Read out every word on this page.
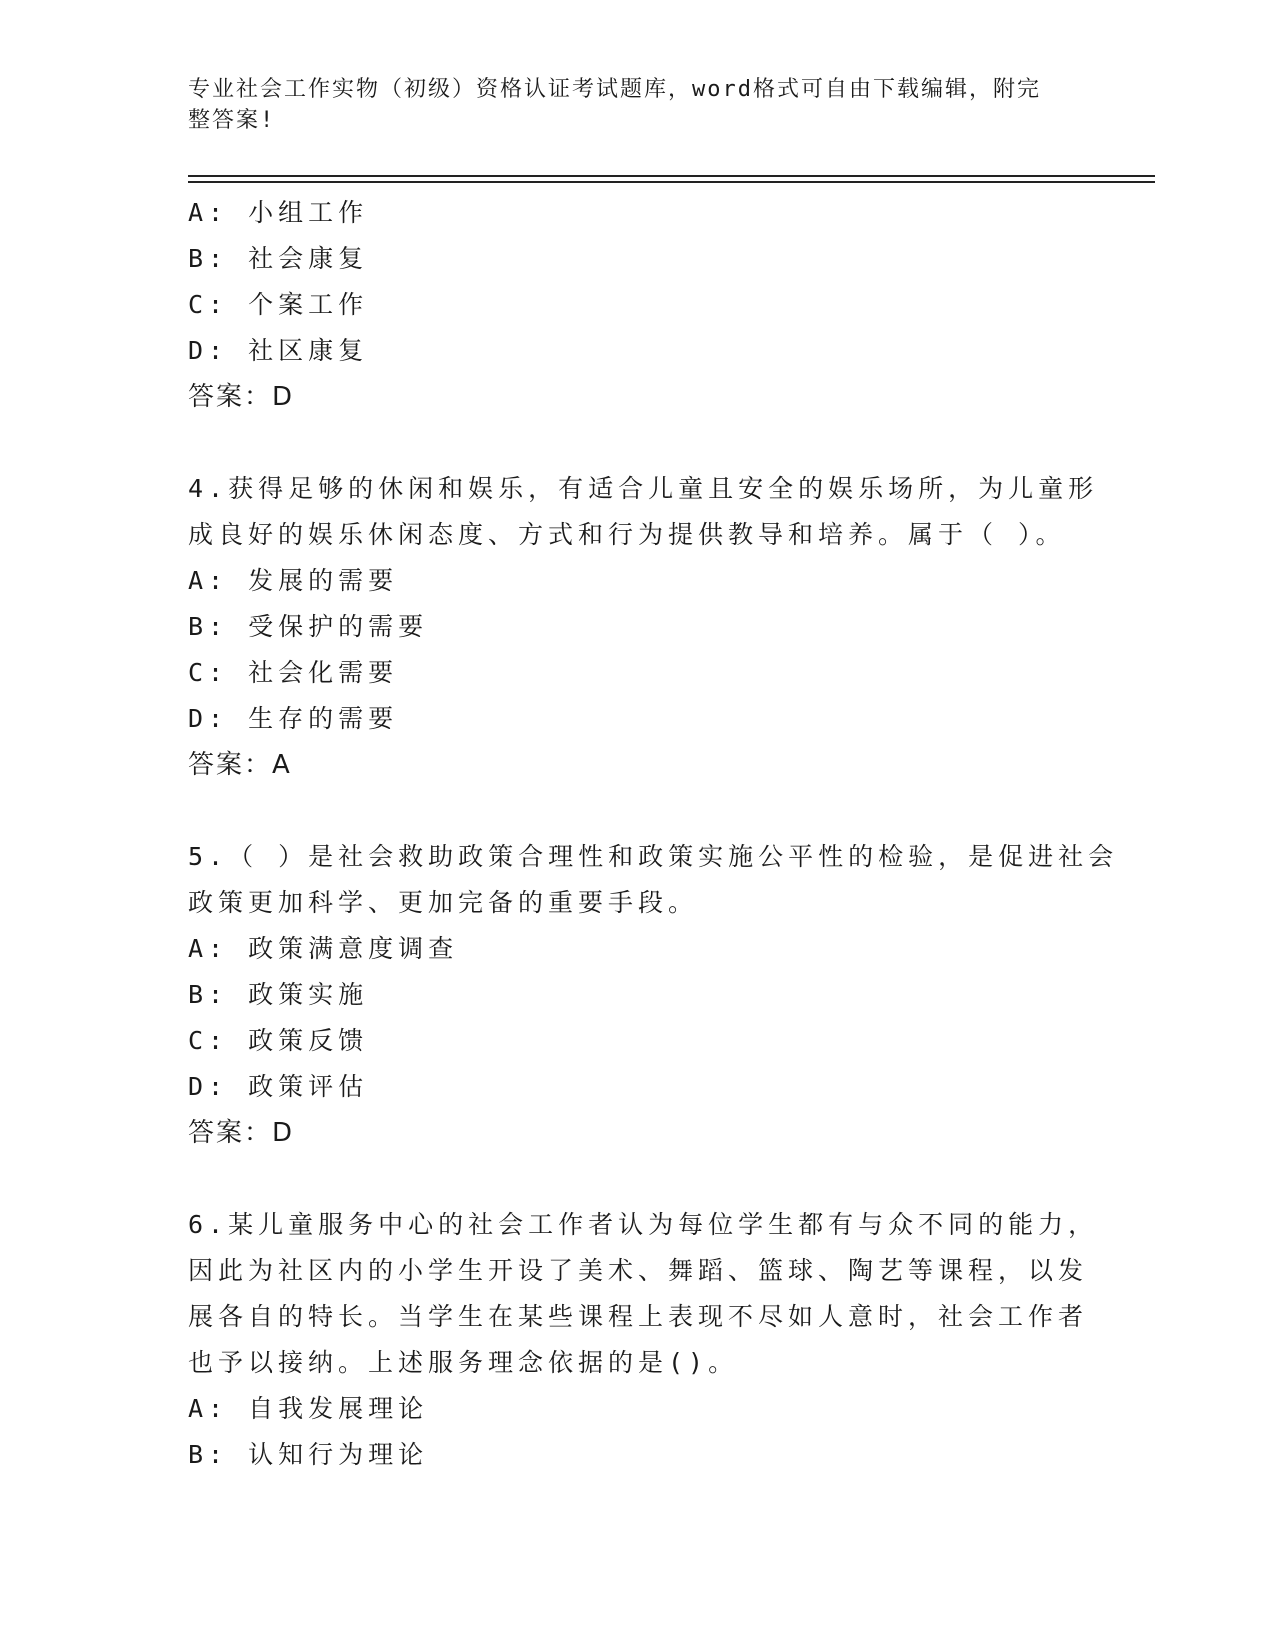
专业社会工作实物（初级）资格认证考试题库，word格式可自由下载编辑，附完
整答案!
A: 小组工作
B: 社会康复
C: 个案工作
D: 社区康复
答案：D
4.获得足够的休闲和娱乐，有适合儿童且安全的娱乐场所，为儿童形
成良好的娱乐休闲态度、方式和行为提供教导和培养。属于（ ）。
A: 发展的需要
B: 受保护的需要
C: 社会化需要
D: 生存的需要
答案：A
5.（ ）是社会救助政策合理性和政策实施公平性的检验，是促进社会
政策更加科学、更加完备的重要手段。
A: 政策满意度调查
B: 政策实施
C: 政策反馈
D: 政策评估
答案：D
6.某儿童服务中心的社会工作者认为每位学生都有与众不同的能力，
因此为社区内的小学生开设了美术、舞蹈、篮球、陶艺等课程，以发
展各自的特长。当学生在某些课程上表现不尽如人意时，社会工作者
也予以接纳。上述服务理念依据的是()。
A: 自我发展理论
B: 认知行为理论
